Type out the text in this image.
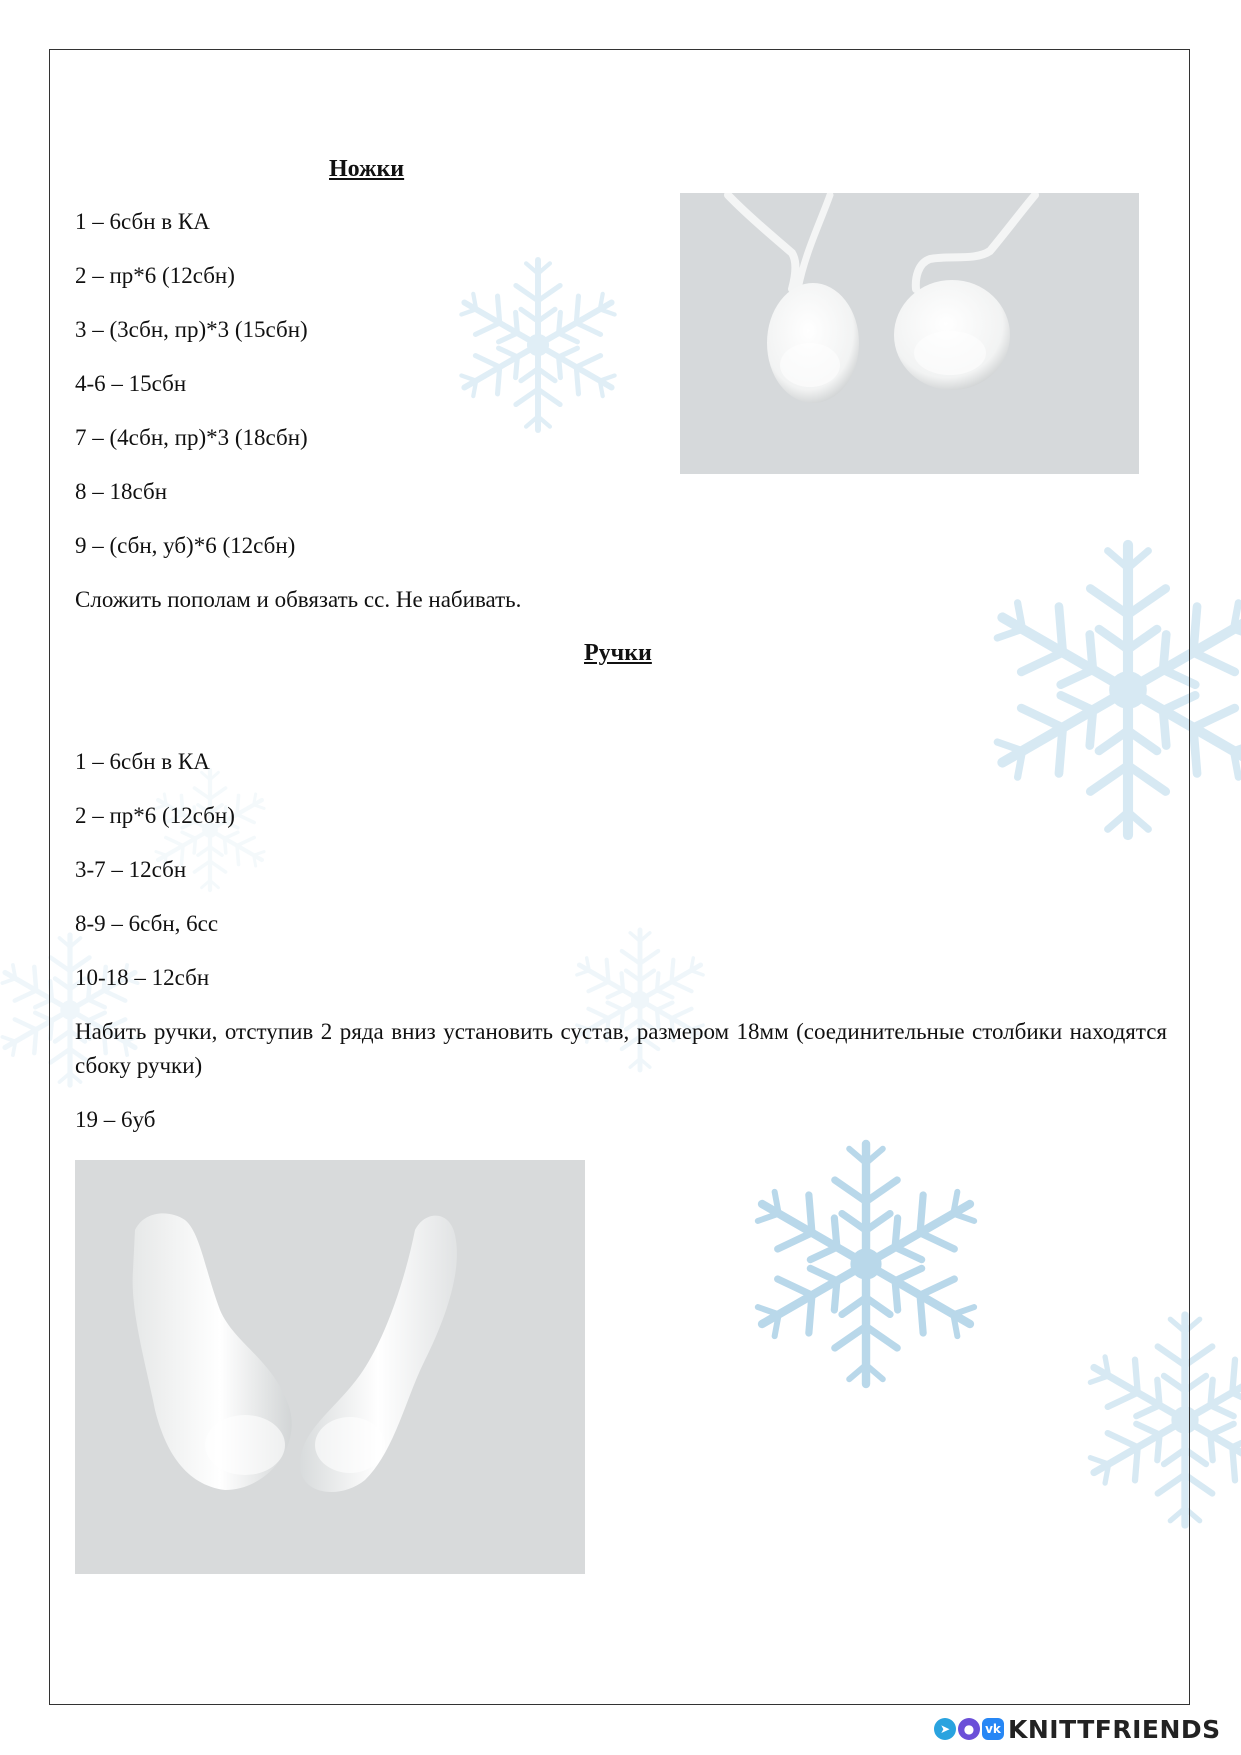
Ножки

1 – 6сбн в КА

2 – пр*6 (12сбн)

3 – (3сбн, пр)*3 (15сбн)

4-6 – 15сбн

7 – (4сбн, пр)*3 (18сбн)

8 – 18сбн

9 – (сбн, уб)*6 (12сбн)

Сложить пополам и обвязать сс. Не набивать.

Ручки

1 – 6сбн в КА

2 – пр*6 (12сбн)

3-7 – 12сбн

8-9 – 6сбн, 6сс

10-18 – 12сбн

Набить ручки, отступив 2 ряда вниз установить сустав, размером 18мм (соединительные столбики находятся сбоку ручки)

19 – 6уб

➤	● vk KNITTFRIENDS
